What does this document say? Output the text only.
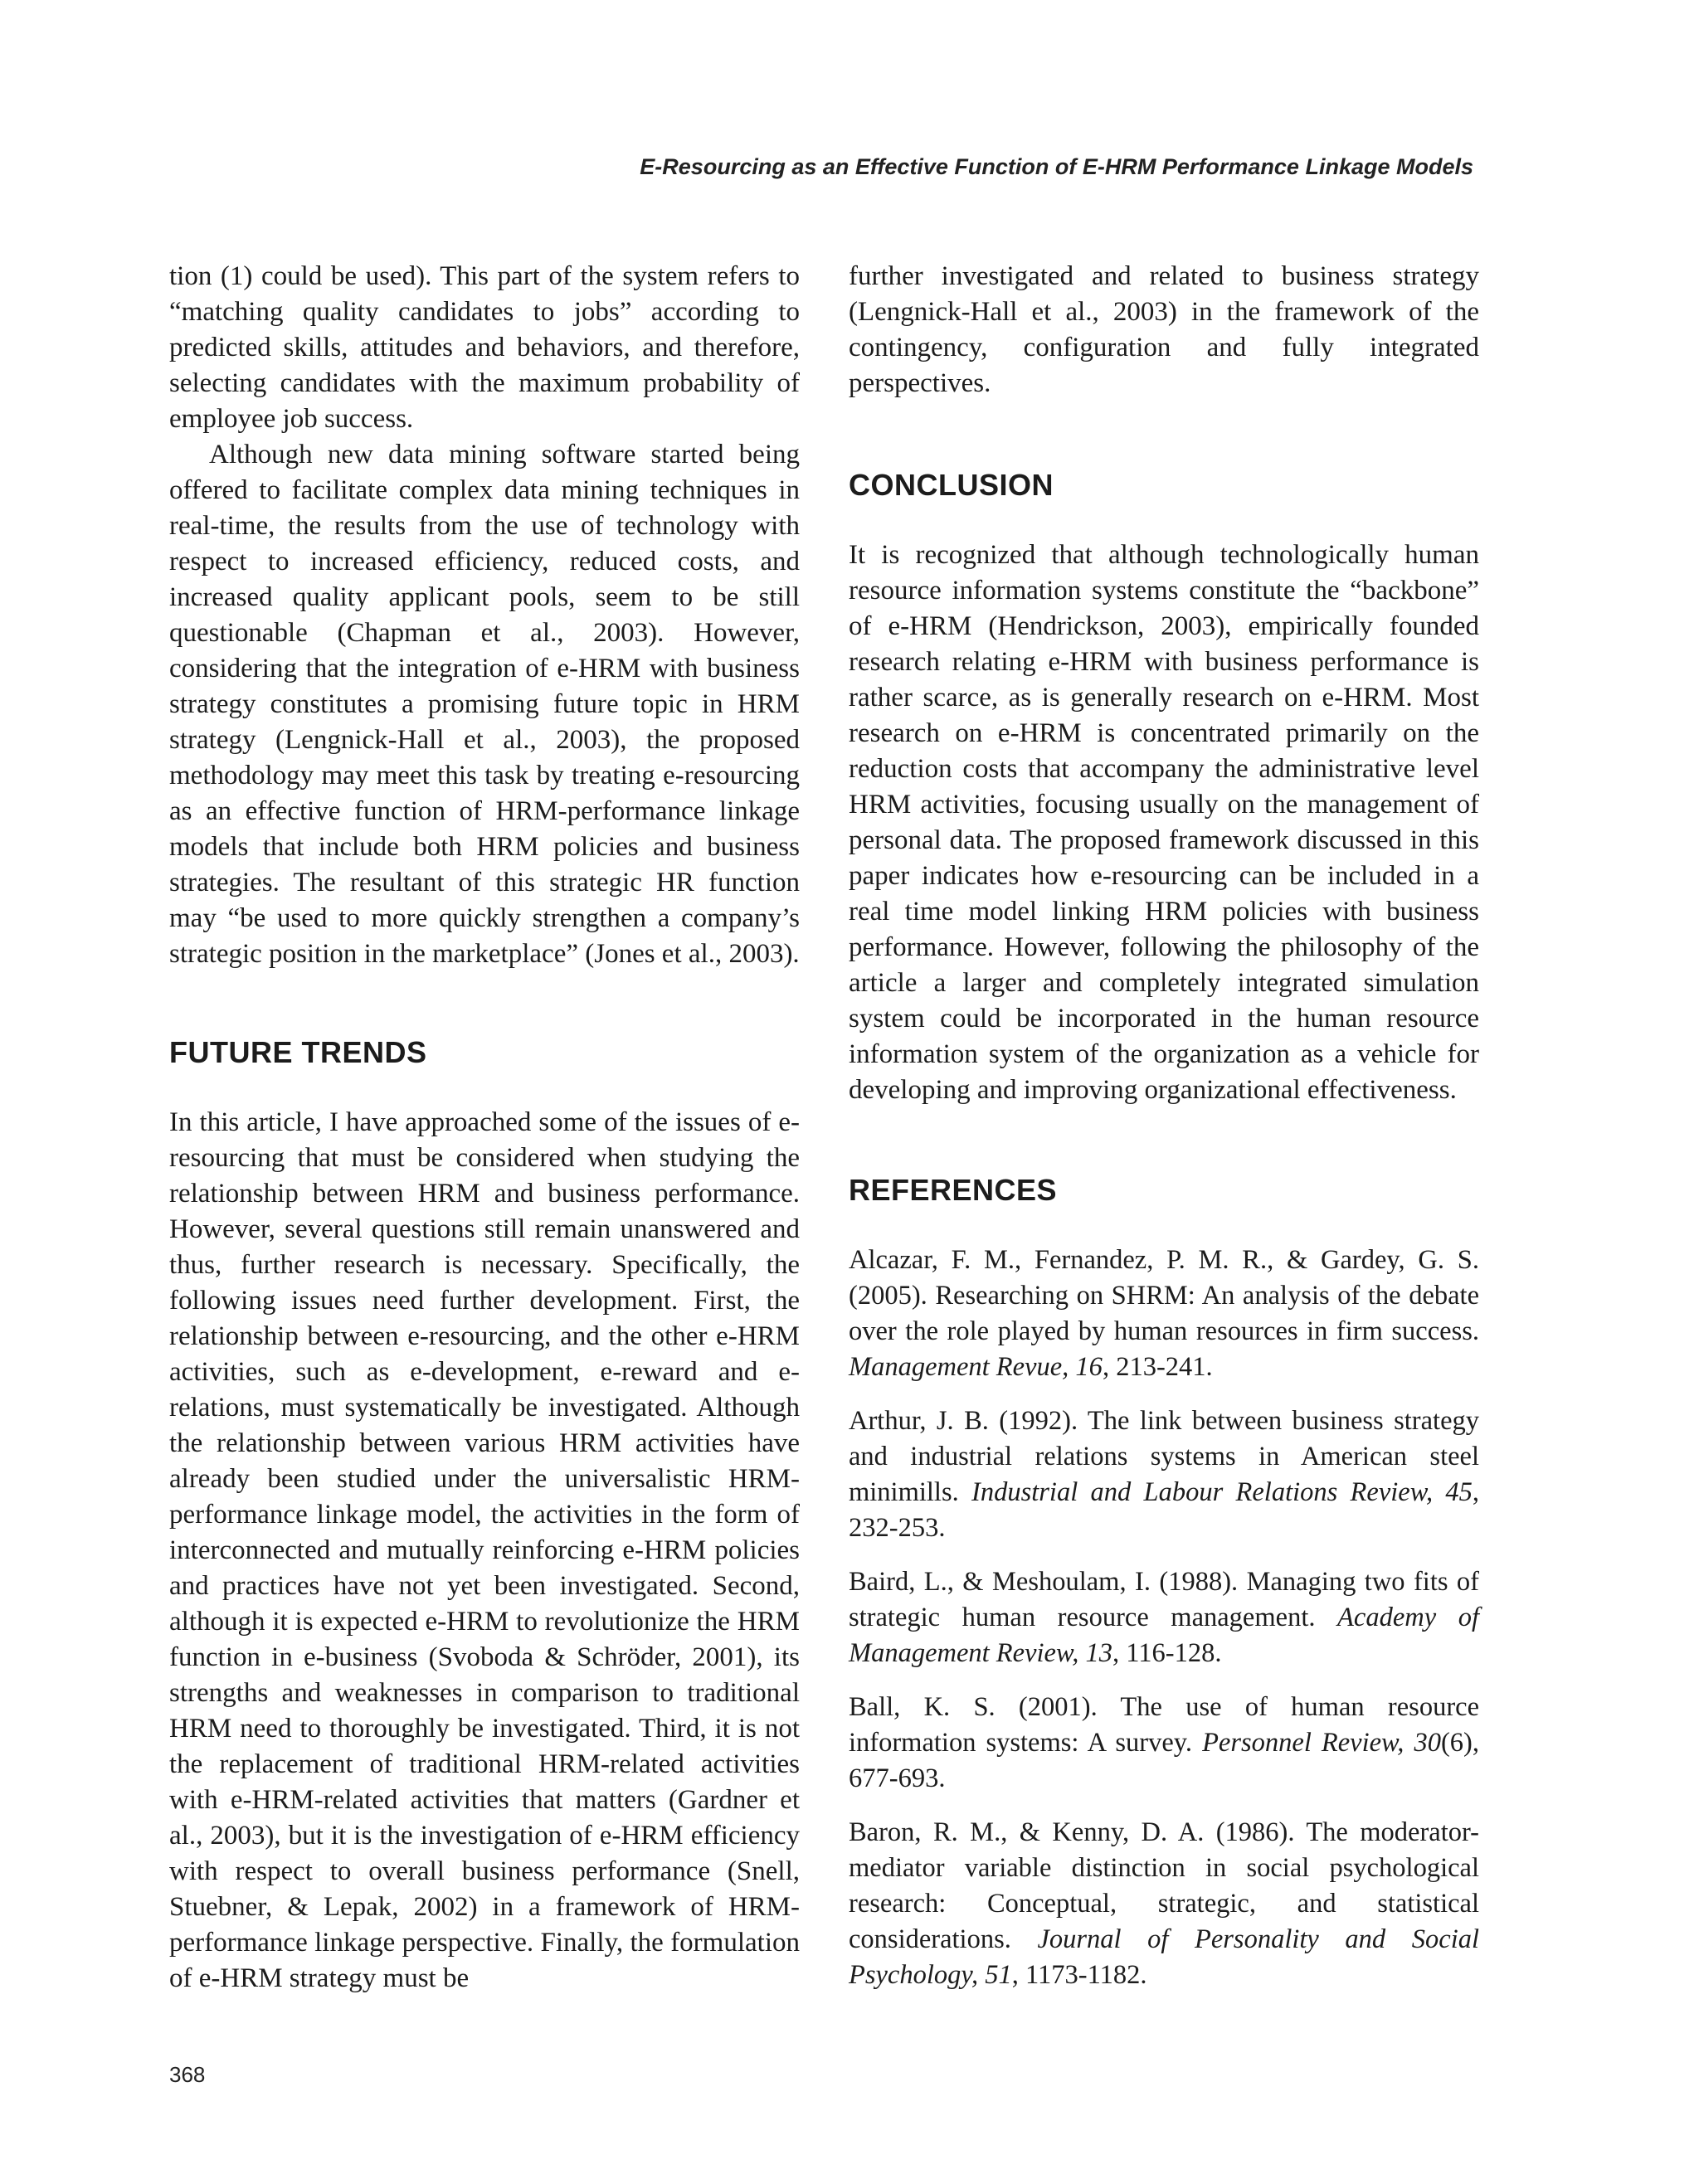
E-Resourcing as an Effective Function of E-HRM Performance Linkage Models

tion (1) could be used). This part of the system refers to “matching quality candidates to jobs” according to predicted skills, attitudes and behaviors, and therefore, selecting candidates with the maximum probability of employee job success.

Although new data mining software started being offered to facilitate complex data mining techniques in real-time, the results from the use of technology with respect to increased efficiency, reduced costs, and increased quality applicant pools, seem to be still questionable (Chapman et al., 2003). However, considering that the integration of e-HRM with business strategy constitutes a promising future topic in HRM strategy (Lengnick-Hall et al., 2003), the proposed methodology may meet this task by treating e-resourcing as an effective function of HRM-performance linkage models that include both HRM policies and business strategies. The resultant of this strategic HR function may “be used to more quickly strengthen a company’s strategic position in the marketplace” (Jones et al., 2003).

FUTURE TRENDS

In this article, I have approached some of the issues of e-resourcing that must be considered when studying the relationship between HRM and business performance. However, several questions still remain unanswered and thus, further research is necessary. Specifically, the following issues need further development. First, the relationship between e-resourcing, and the other e-HRM activities, such as e-development, e-reward and e-relations, must systematically be investigated. Although the relationship between various HRM activities have already been studied under the universalistic HRM-performance linkage model, the activities in the form of interconnected and mutually reinforcing e-HRM policies and practices have not yet been investigated. Second, although it is expected e-HRM to revolutionize the HRM function in e-business (Svoboda & Schröder, 2001), its strengths and weaknesses in comparison to traditional HRM need to thoroughly be investigated. Third, it is not the replacement of traditional HRM-related activities with e-HRM-related activities that matters (Gardner et al., 2003), but it is the investigation of e-HRM efficiency with respect to overall business performance (Snell, Stuebner, & Lepak, 2002) in a framework of HRM-performance linkage perspective. Finally, the formulation of e-HRM strategy must be

further investigated and related to business strategy (Lengnick-Hall et al., 2003) in the framework of the contingency, configuration and fully integrated perspectives.

CONCLUSION

It is recognized that although technologically human resource information systems constitute the “backbone” of e-HRM (Hendrickson, 2003), empirically founded research relating e-HRM with business performance is rather scarce, as is generally research on e-HRM. Most research on e-HRM is concentrated primarily on the reduction costs that accompany the administrative level HRM activities, focusing usually on the management of personal data. The proposed framework discussed in this paper indicates how e-resourcing can be included in a real time model linking HRM policies with business performance. However, following the philosophy of the article a larger and completely integrated simulation system could be incorporated in the human resource information system of the organization as a vehicle for developing and improving organizational effectiveness.

REFERENCES

Alcazar, F. M., Fernandez, P. M. R., & Gardey, G. S. (2005). Researching on SHRM: An analysis of the debate over the role played by human resources in firm success. Management Revue, 16, 213-241.

Arthur, J. B. (1992). The link between business strategy and industrial relations systems in American steel minimills. Industrial and Labour Relations Review, 45, 232-253.

Baird, L., & Meshoulam, I. (1988). Managing two fits of strategic human resource management. Academy of Management Review, 13, 116-128.

Ball, K. S. (2001). The use of human resource information systems: A survey. Personnel Review, 30(6), 677-693.

Baron, R. M., & Kenny, D. A. (1986). The moderator-mediator variable distinction in social psychological research: Conceptual, strategic, and statistical considerations. Journal of Personality and Social Psychology, 51, 1173-1182.

368
